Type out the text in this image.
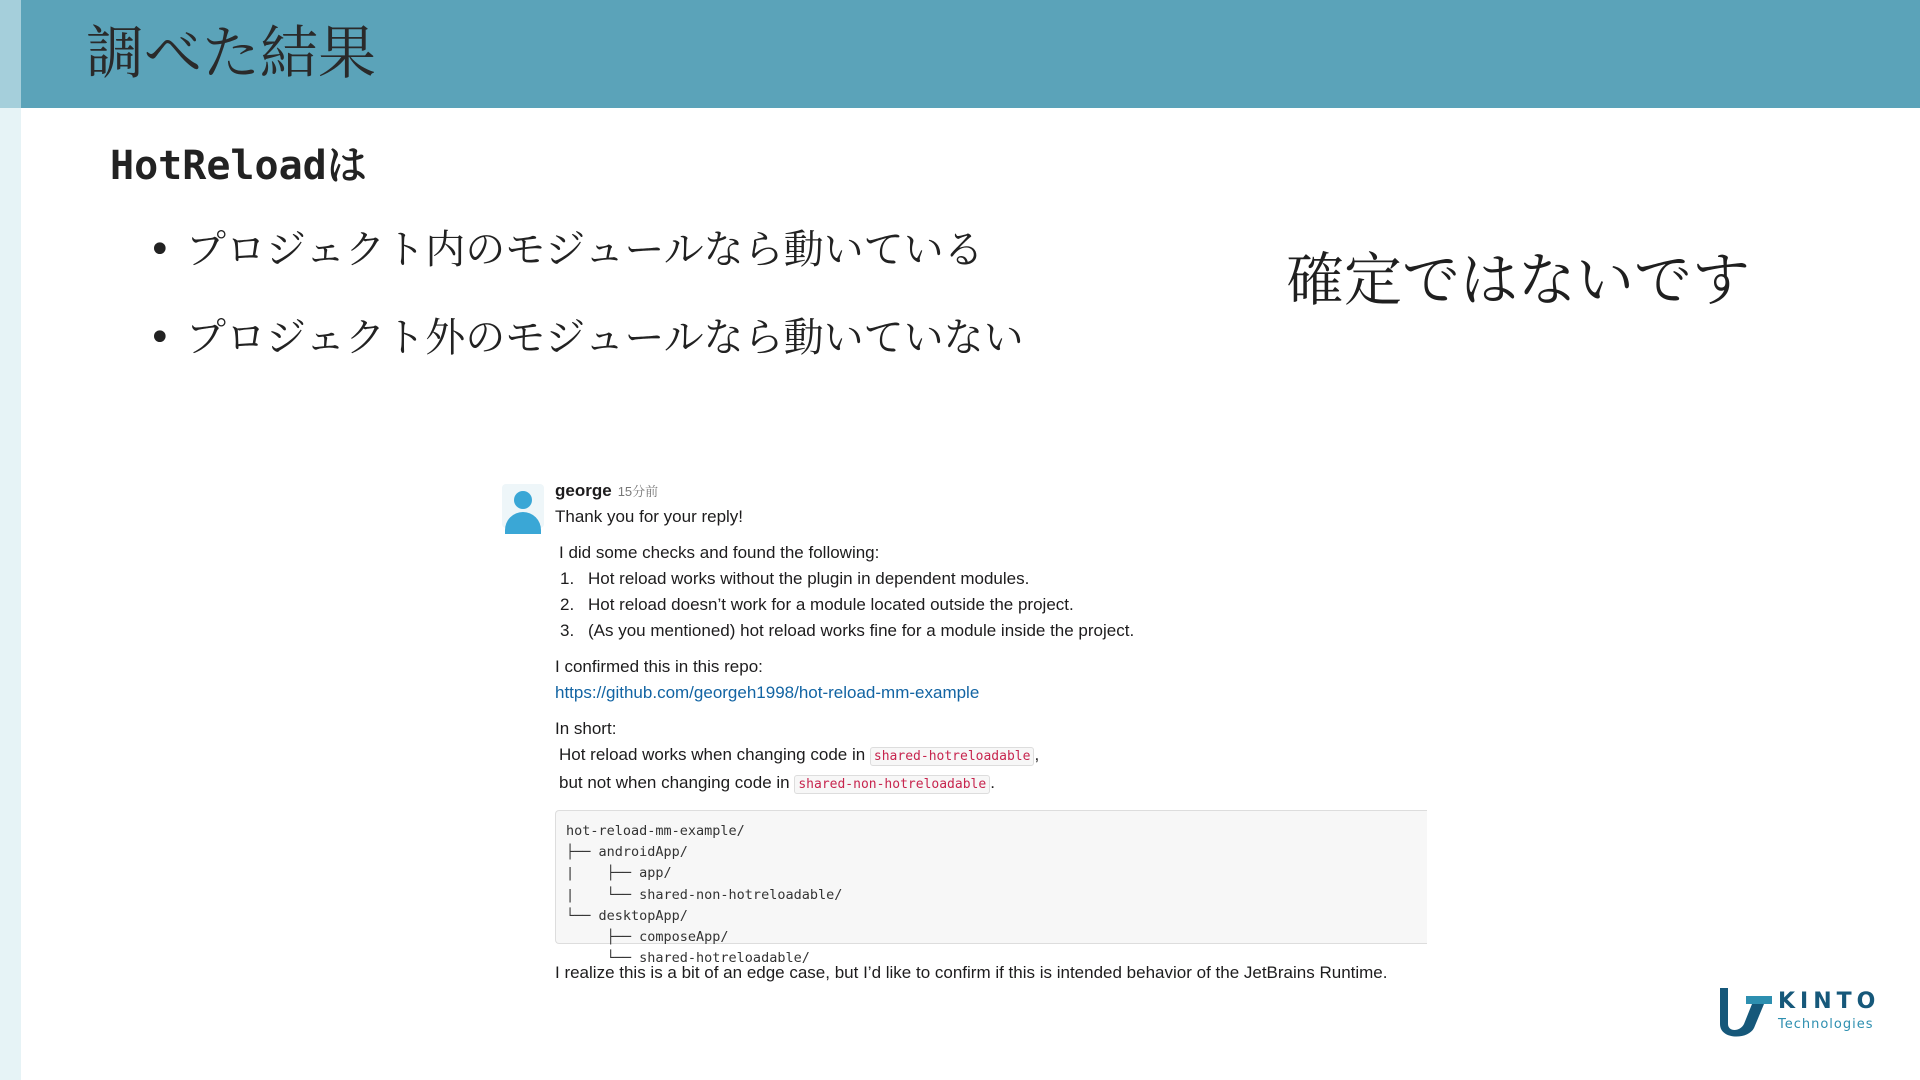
調べた結果
HotReloadは
• プロジェクト内のモジュールなら動いている
• プロジェクト外のモジュールなら動いていない
確定ではないです
george 15分前

Thank you for your reply!

I did some checks and found the following:

1. Hot reload works without the plugin in dependent modules.
2. Hot reload doesn’t work for a module located outside the project.
3. (As you mentioned) hot reload works fine for a module inside the project.

I confirmed this in this repo:

https://github.com/georgeh1998/hot-reload-mm-example

In short:

Hot reload works when changing code in shared-hotreloadable ,

but not when changing code in shared-non-hotreloadable .

hot-reload-mm-example/
├── androidApp/
|    ├── app/
|    └── shared-non-hotreloadable/
└── desktopApp/
├── composeApp/
└── shared-hotreloadable/

I realize this is a bit of an edge case, but I’d like to confirm if this is intended behavior of the JetBrains Runtime.

KINTO
Technologies
